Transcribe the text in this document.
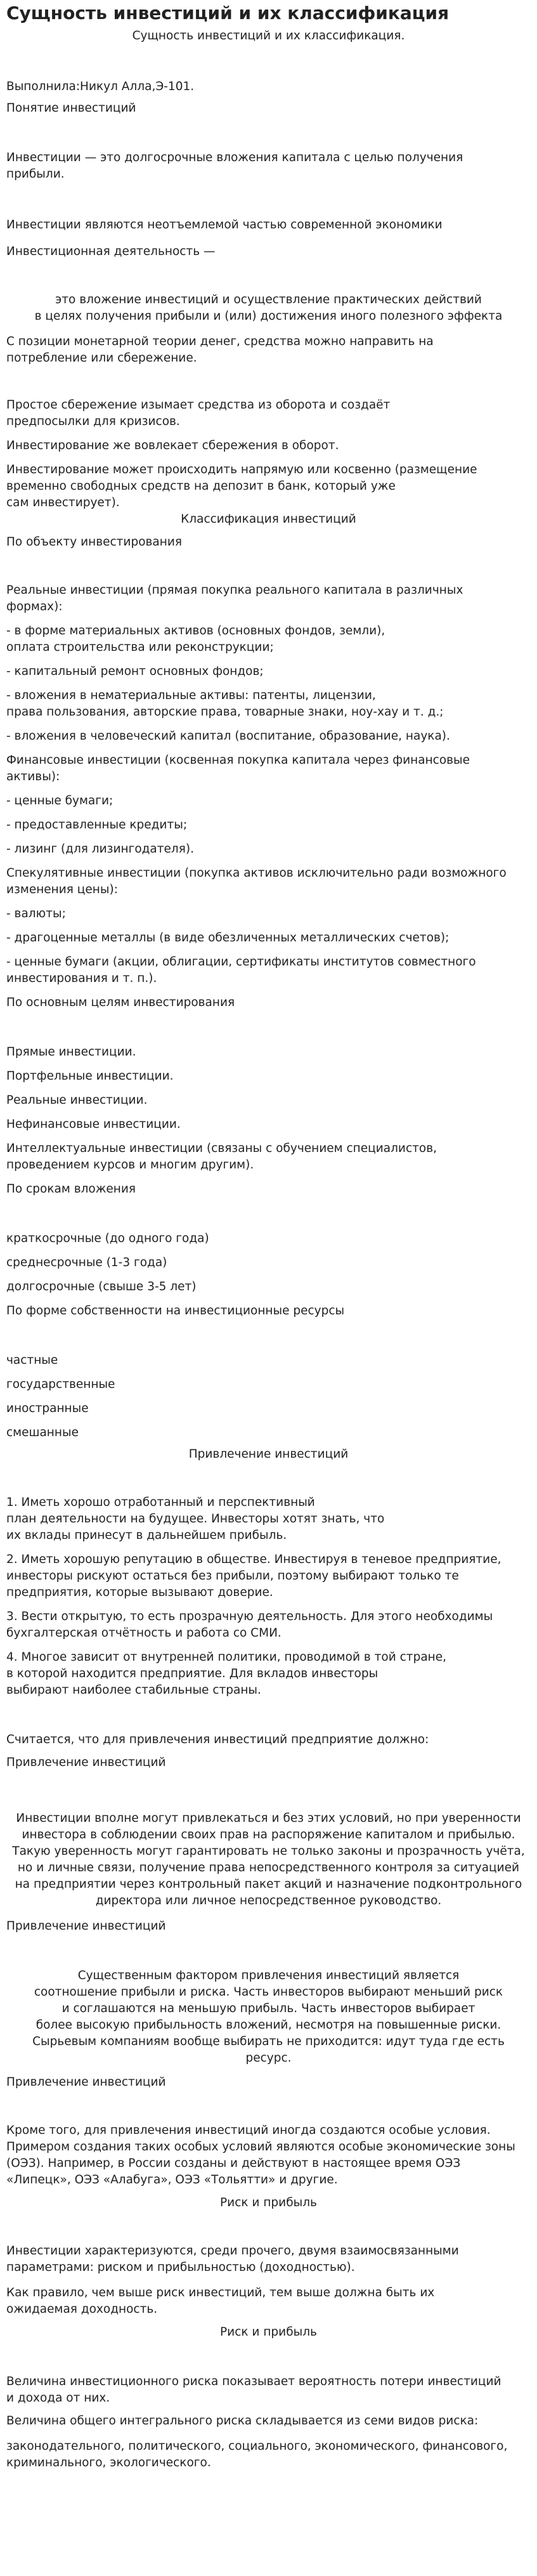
Сущность инвестиций и их классификация

Сущность инвестиций и их классификация.

Выполнила:Никул Алла,Э-101.

Понятие инвестиций

Инвестиции — это долгосрочные вложения капитала с целью получения
прибыли.

Инвестиции являются неотъемлемой частью современной экономики

Инвестиционная деятельность —

это вложение инвестиций и осуществление практических действий
в целях получения прибыли и (или) достижения иного полезного эффекта

С позиции монетарной теории денег, средства можно направить на
потребление или сбережение.

Простое сбережение изымает средства из оборота и создаёт
предпосылки для кризисов.

Инвестирование же вовлекает сбережения в оборот.

Инвестирование может происходить напрямую или косвенно (размещение
временно свободных средств на депозит в банк, который уже
сам инвестирует).

Классификация инвестиций

По объекту инвестирования

Реальные инвестиции (прямая покупка реального капитала в различных
формах):

- в форме материальных активов (основных фондов, земли),
оплата строительства или реконструкции;

- капитальный ремонт основных фондов;

- вложения в нематериальные активы: патенты, лицензии,
права пользования, авторские права, товарные знаки, ноу-хау и т. д.;

- вложения в человеческий капитал (воспитание, образование, наука).

Финансовые инвестиции (косвенная покупка капитала через финансовые
активы):

- ценные бумаги;

- предоставленные кредиты;

- лизинг (для лизингодателя).

Спекулятивные инвестиции (покупка активов исключительно ради возможного
изменения цены):

- валюты;

- драгоценные металлы (в виде обезличенных металлических счетов);

- ценные бумаги (акции, облигации, сертификаты институтов совместного
инвестирования и т. п.).

По основным целям инвестирования

Прямые инвестиции.

Портфельные инвестиции.

Реальные инвестиции.

Нефинансовые инвестиции.

Интеллектуальные инвестиции (связаны с обучением специалистов,
проведением курсов и многим другим).

По срокам вложения

краткосрочные (до одного года)

среднесрочные (1-3 года)

долгосрочные (свыше 3-5 лет)

По форме собственности на инвестиционные ресурсы

частные

государственные

иностранные

смешанные

Привлечение инвестиций

1. Иметь хорошо отработанный и перспективный
план деятельности на будущее. Инвесторы хотят знать, что
их вклады принесут в дальнейшем прибыль.

2. Иметь хорошую репутацию в обществе. Инвестируя в теневое предприятие,
инвесторы рискуют остаться без прибыли, поэтому выбирают только те
предприятия, которые вызывают доверие.

3. Вести открытую, то есть прозрачную деятельность. Для этого необходимы
бухгалтерская отчётность и работа со СМИ.

4. Многое зависит от внутренней политики, проводимой в той стране,
в которой находится предприятие. Для вкладов инвесторы
выбирают наиболее стабильные страны.

Считается, что для привлечения инвестиций предприятие должно:

Привлечение инвестиций

Инвестиции вполне могут привлекаться и без этих условий, но при уверенности
инвестора в соблюдении своих прав на распоряжение капиталом и прибылью.
Такую уверенность могут гарантировать не только законы и прозрачность учёта,
но и личные связи, получение права непосредственного контроля за ситуацией
на предприятии через контрольный пакет акций и назначение подконтрольного
директора или личное непосредственное руководство.

Привлечение инвестиций

Существенным фактором привлечения инвестиций является
соотношение прибыли и риска. Часть инвесторов выбирают меньший риск
и соглашаются на меньшую прибыль. Часть инвесторов выбирает
более высокую прибыльность вложений, несмотря на повышенные риски.
Сырьевым компаниям вообще выбирать не приходится: идут туда где есть
ресурс.

Привлечение инвестиций

Кроме того, для привлечения инвестиций иногда создаются особые условия.
Примером создания таких особых условий являются особые экономические зоны
(ОЭЗ). Например, в России созданы и действуют в настоящее время ОЭЗ
«Липецк», ОЭЗ «Алабуга», ОЭЗ «Тольятти» и другие.

Риск и прибыль

Инвестиции характеризуются, среди прочего, двумя взаимосвязанными
параметрами: риском и прибыльностью (доходностью).

Как правило, чем выше риск инвестиций, тем выше должна быть их
ожидаемая доходность.

Риск и прибыль

Величина инвестиционного риска показывает вероятность потери инвестиций
и дохода от них.

Величина общего интегрального риска складывается из семи видов риска:

законодательного, политического, социального, экономического, финансового,
криминального, экологического.
